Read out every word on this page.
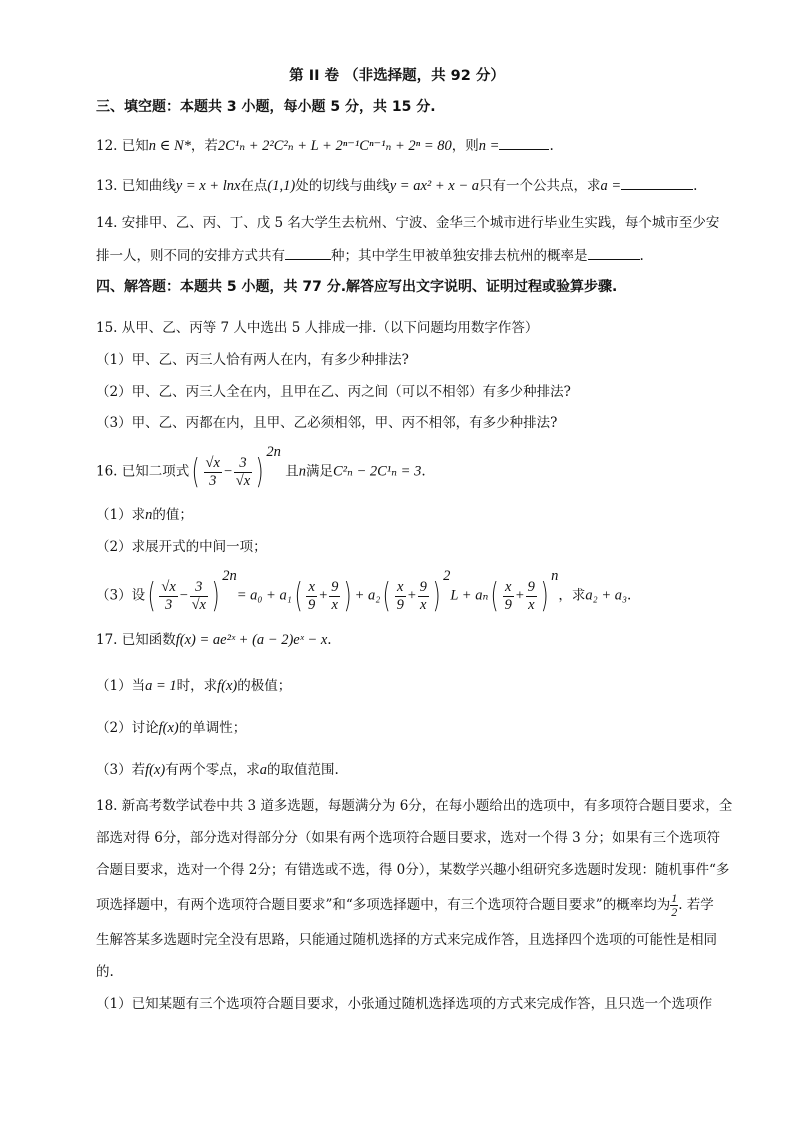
第 II 卷 （非选择题，共 92 分）
三、填空题：本题共 3 小题，每小题 5 分，共 15 分.
12. 已知n ∈ N*，若2C¹ₙ + 2²C²ₙ + L + 2ⁿ⁻¹Cⁿ⁻¹ₙ + 2ⁿ = 80，则n =	.
13. 已知曲线y = x + lnx在点(1,1)处的切线与曲线y = ax² + x − a只有一个公共点，求a =	.
14. 安排甲、乙、丙、丁、戊 5 名大学生去杭州、宁波、金华三个城市进行毕业生实践，每个城市至少安
排一人，则不同的安排方式共有	种；其中学生甲被单独安排去杭州的概率是	.
四、解答题：本题共 5 小题，共 77 分.解答应写出文字说明、证明过程或验算步骤.
15. 从甲、乙、丙等 7 人中选出 5 人排成一排.（以下问题均用数字作答）
（1）甲、乙、丙三人恰有两人在内，有多少种排法?
（2）甲、乙、丙三人全在内，且甲在乙、丙之间（可以不相邻）有多少种排法?
（3）甲、乙、丙都在内，且甲、乙必须相邻，甲、丙不相邻，有多少种排法?
16. 已知二项式( $\frac{√x}{3} - \frac{3}{√x}$ ) $^{2n}$ 且n满足C²ₙ − 2C¹ₙ = 3.
（1）求n的值；
（2）求展开式的中间一项；
（3）设( $\frac{√x}{3} - \frac{3}{√x}$ ) $^{2n}= a_0 + a_1( \frac{x}{9} + \frac{9}{x}$ ) + $a_2( \frac{x}{9} + \frac{9}{x}$ ) $^2L + a_n( \frac{x}{9} + \frac{9}{x}$ ) $^n$，求a₂ + a₃.
17. 已知函数f(x) = ae²ˣ + (a − 2)eˣ − x.
（1）当a = 1时，求f(x)的极值；
（2）讨论f(x)的单调性；
（3）若f(x)有两个零点，求a的取值范围.
18. 新高考数学试卷中共 3 道多选题，每题满分为 6分，在每小题给出的选项中，有多项符合题目要求，全
部选对得 6分，部分选对得部分分（如果有两个选项符合题目要求，选对一个得 3 分；如果有三个选项符
合题目要求，选对一个得 2分；有错选或不选，得 0分），某数学兴趣小组研究多选题时发现：随机事件“多
项选择题中，有两个选项符合题目要求”和“多项选择题中，有三个选项符合题目要求”的概率均为 $\frac{1}{2}$ . 若学
生解答某多选题时完全没有思路，只能通过随机选择的方式来完成作答，且选择四个选项的可能性是相同
的.
（1）已知某题有三个选项符合题目要求，小张通过随机选择选项的方式来完成作答，且只选一个选项作
